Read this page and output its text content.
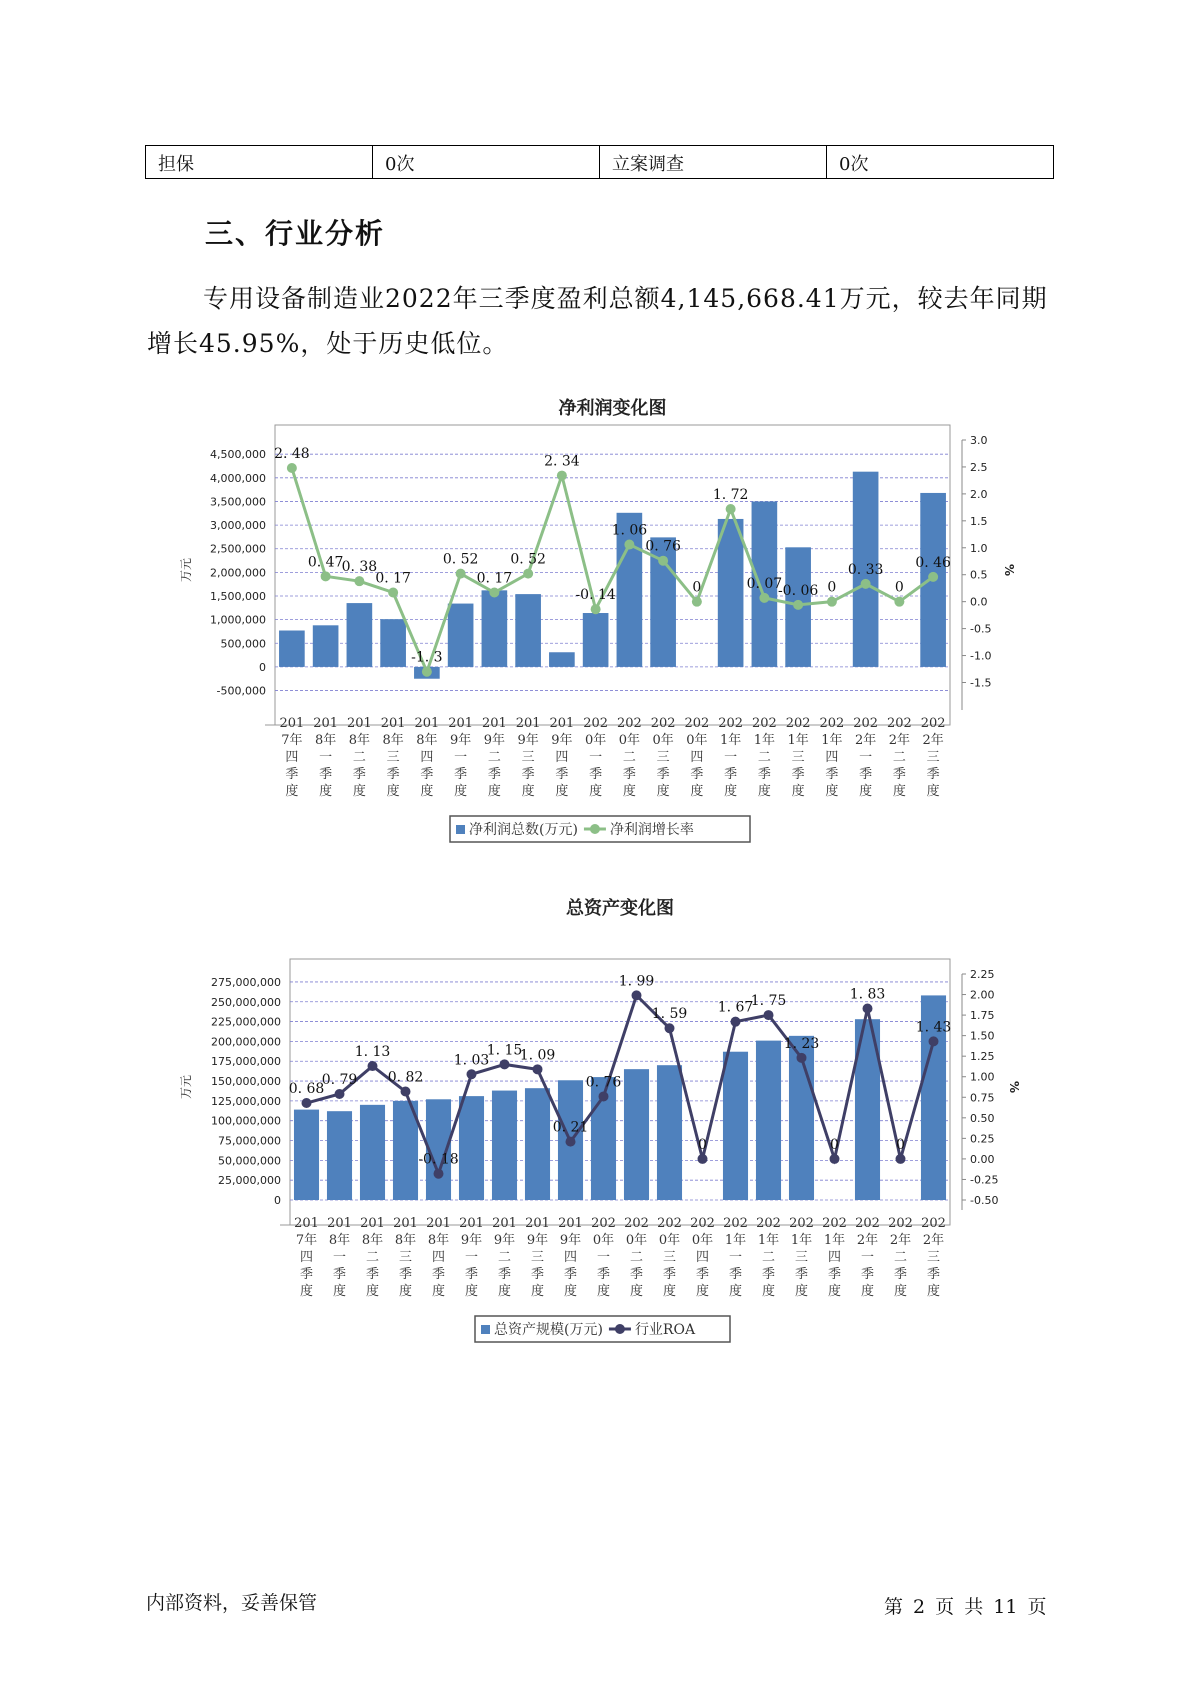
担保	0次	立案调查	0次
三、行业分析

专用设备制造业2022年三季度盈利总额4,145,668.41万元，较去年同期增长45.95%，处于历史低位。

净利润变化图
-500,000
0
500,000
1,000,000
1,500,000
2,000,000
2,500,000
3,000,000
3,500,000
4,000,000
4,500,000
-1.5
-1.0
-0.5
0.0
0.5
1.0
1.5
2.0
2.5
3.0
万元	%
2. 48
0. 47
0. 38
0. 17
-1. 3
0. 52
0. 17
0. 52
2. 34
-0. 14
1. 06
0. 76
0
1. 72
0. 07
-0. 06 0
0. 33
0
0. 46
201 7年四季度
201 8年一季度
201 8年二季度
201 8年三季度
201 8年四季度
201 9年一季度
201 9年二季度
201 9年三季度
201 9年四季度
202 0年一季度
202 0年二季度
202 0年三季度
202 0年四季度
202 1年一季度
202 1年二季度
202 1年三季度
202 1年四季度
202 2年一季度
202 2年二季度
202 2年三季度
净利润总数(万元) 净利润增长率
总资产变化图
0
25,000,000
50,000,000
75,000,000
100,000,000
125,000,000
150,000,000
175,000,000
200,000,000
225,000,000
250,000,000
275,000,000
-0.50
-0.25
0.00
0.25
0.50
0.75
1.00
1.25
1.50
1.75
2.00
2.25
万元	%
0. 68
0. 79
1. 13
0. 82
-0. 18
1. 03
1. 15
1. 09
0. 21
0. 76
1. 99
1. 59
0
1. 67
1. 75
1. 23
0
1. 83
0
1. 43
201 7年四季度
201 8年一季度
201 8年二季度
201 8年三季度
201 8年四季度
201 9年一季度
201 9年二季度
201 9年三季度
201 9年四季度
202 0年一季度
202 0年二季度
202 0年三季度
202 0年四季度
202 1年一季度
202 1年二季度
202 1年三季度
202 1年四季度
202 2年一季度
202 2年二季度
202 2年三季度
总资产规模(万元) 行业ROA
内部资料，妥善保管	第 2 页 共 11 页
